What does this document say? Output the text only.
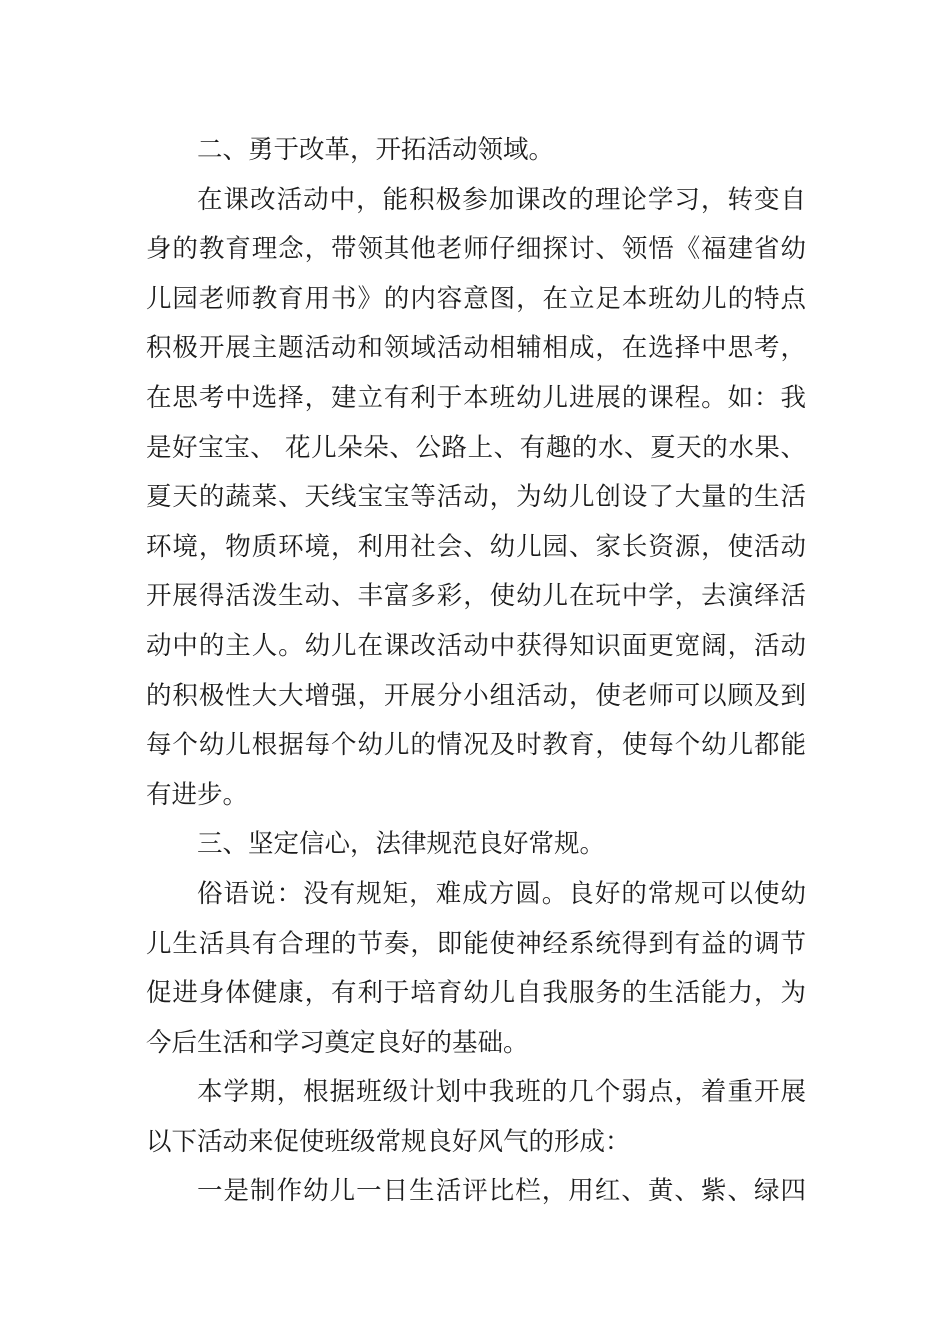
二、勇于改革，开拓活动领域。
在课改活动中，能积极参加课改的理论学习，转变自
身的教育理念，带领其他老师仔细探讨、领悟《福建省幼
儿园老师教育用书》的内容意图，在立足本班幼儿的特点
积极开展主题活动和领域活动相辅相成，在选择中思考，
在思考中选择，建立有利于本班幼儿进展的课程。如：我
是好宝宝、 花儿朵朵、公路上、有趣的水、夏天的水果、
夏天的蔬菜、天线宝宝等活动，为幼儿创设了大量的生活
环境，物质环境，利用社会、幼儿园、家长资源，使活动
开展得活泼生动、丰富多彩，使幼儿在玩中学，去演绎活
动中的主人。幼儿在课改活动中获得知识面更宽阔，活动
的积极性大大增强，开展分小组活动，使老师可以顾及到
每个幼儿根据每个幼儿的情况及时教育，使每个幼儿都能
有进步。
三、坚定信心，法律规范良好常规。
俗语说：没有规矩，难成方圆。良好的常规可以使幼
儿生活具有合理的节奏，即能使神经系统得到有益的调节
促进身体健康，有利于培育幼儿自我服务的生活能力，为
今后生活和学习奠定良好的基础。
本学期，根据班级计划中我班的几个弱点，着重开展
以下活动来促使班级常规良好风气的形成：
一是制作幼儿一日生活评比栏，用红、黄、紫、绿四
